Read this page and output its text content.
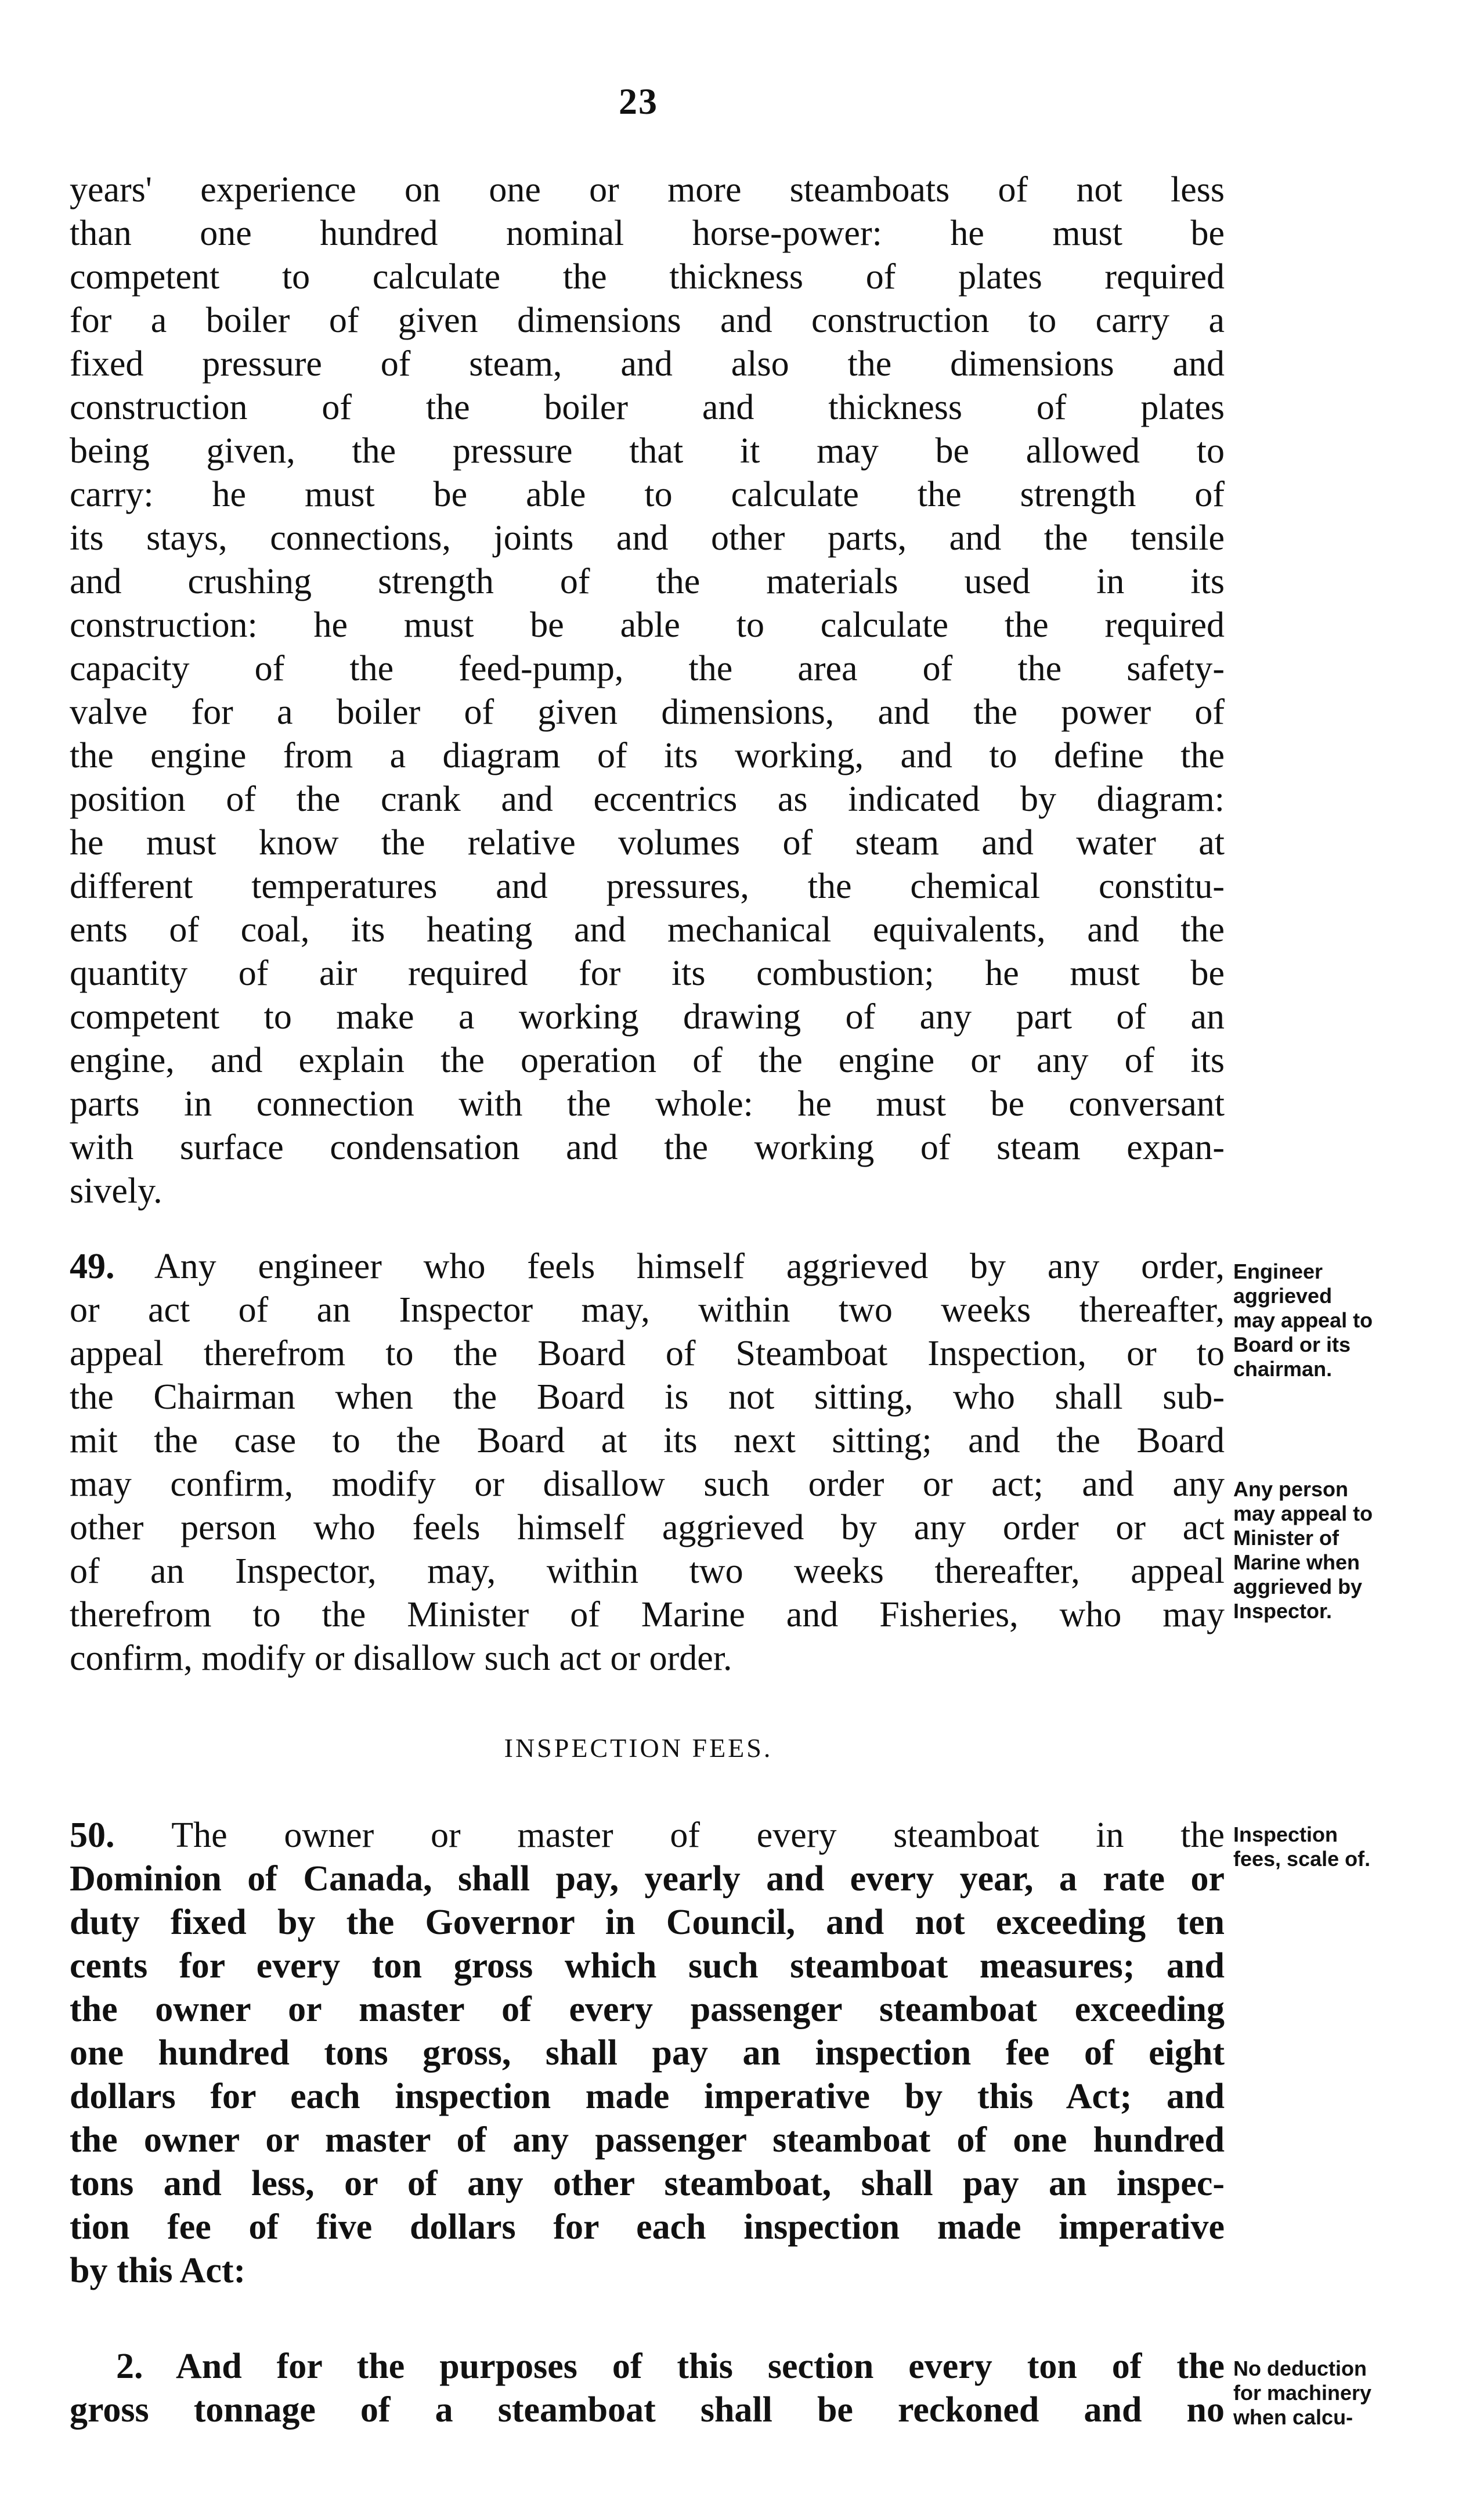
23
years' experience on one or more steamboats of not less
than one hundred nominal horse-power: he must be
competent to calculate the thickness of plates required
for a boiler of given dimensions and construction to carry a
fixed pressure of steam, and also the dimensions and
construction of the boiler and thickness of plates
being given, the pressure that it may be allowed to
carry: he must be able to calculate the strength of
its stays, connections, joints and other parts, and the tensile
and crushing strength of the materials used in its
construction: he must be able to calculate the required
capacity of the feed-pump, the area of the safety-
valve for a boiler of given dimensions, and the power of
the engine from a diagram of its working, and to define the
position of the crank and eccentrics as indicated by diagram:
he must know the relative volumes of steam and water at
different temperatures and pressures, the chemical constitu-
ents of coal, its heating and mechanical equivalents, and the
quantity of air required for its combustion; he must be
competent to make a working drawing of any part of an
engine, and explain the operation of the engine or any of its
parts in connection with the whole: he must be conversant
with surface condensation and the working of steam expan-
sively.
49. Any engineer who feels himself aggrieved by any order,
or act of an Inspector may, within two weeks thereafter,
appeal therefrom to the Board of Steamboat Inspection, or to
the Chairman when the Board is not sitting, who shall sub-
mit the case to the Board at its next sitting; and the Board
may confirm, modify or disallow such order or act; and any
other person who feels himself aggrieved by any order or act
of an Inspector, may, within two weeks thereafter, appeal
therefrom to the Minister of Marine and Fisheries, who may
confirm, modify or disallow such act or order.
INSPECTION FEES.
50. The owner or master of every steamboat in the
Dominion of Canada, shall pay, yearly and every year, a rate or
duty fixed by the Governor in Council, and not exceeding ten
cents for every ton gross which such steamboat measures; and
the owner or master of every passenger steamboat exceeding
one hundred tons gross, shall pay an inspection fee of eight
dollars for each inspection made imperative by this Act; and
the owner or master of any passenger steamboat of one hundred
tons and less, or of any other steamboat, shall pay an inspec-
tion fee of five dollars for each inspection made imperative
by this Act:
2. And for the purposes of this section every ton of the
gross tonnage of a steamboat shall be reckoned and no
Engineer
aggrieved
may appeal to
Board or its
chairman.
Any person
may appeal to
Minister of
Marine when
aggrieved by
Inspector.
Inspection
fees, scale of.
No deduction
for machinery
when calcu-
